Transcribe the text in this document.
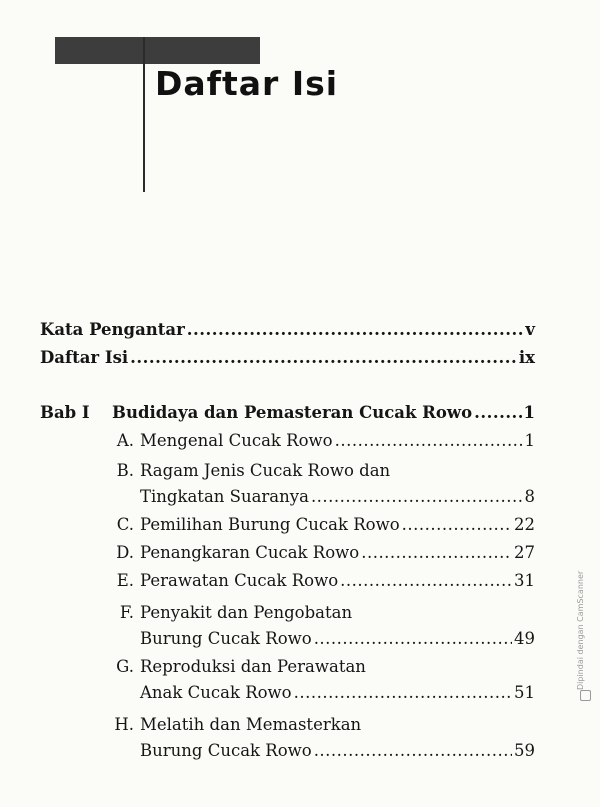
Daftar Isi
Kata Pengantar .....	v
Daftar Isi .....	ix
Bab I	Budidaya dan Pemasteran Cucak Rowo .....	1
A. Mengenal Cucak Rowo .....	1
B. Ragam Jenis Cucak Rowo dan
Tingkatan Suaranya .....	8
C. Pemilihan Burung Cucak Rowo .....	22
D. Penangkaran Cucak Rowo .....	27
E. Perawatan Cucak Rowo .....	31
F. Penyakit dan Pengobatan
Burung Cucak Rowo .....	49
G. Reproduksi dan Perawatan
Anak Cucak Rowo .....	51
H. Melatih dan Memasterkan
Burung Cucak Rowo .....	59
Dipindai dengan CamScanner
